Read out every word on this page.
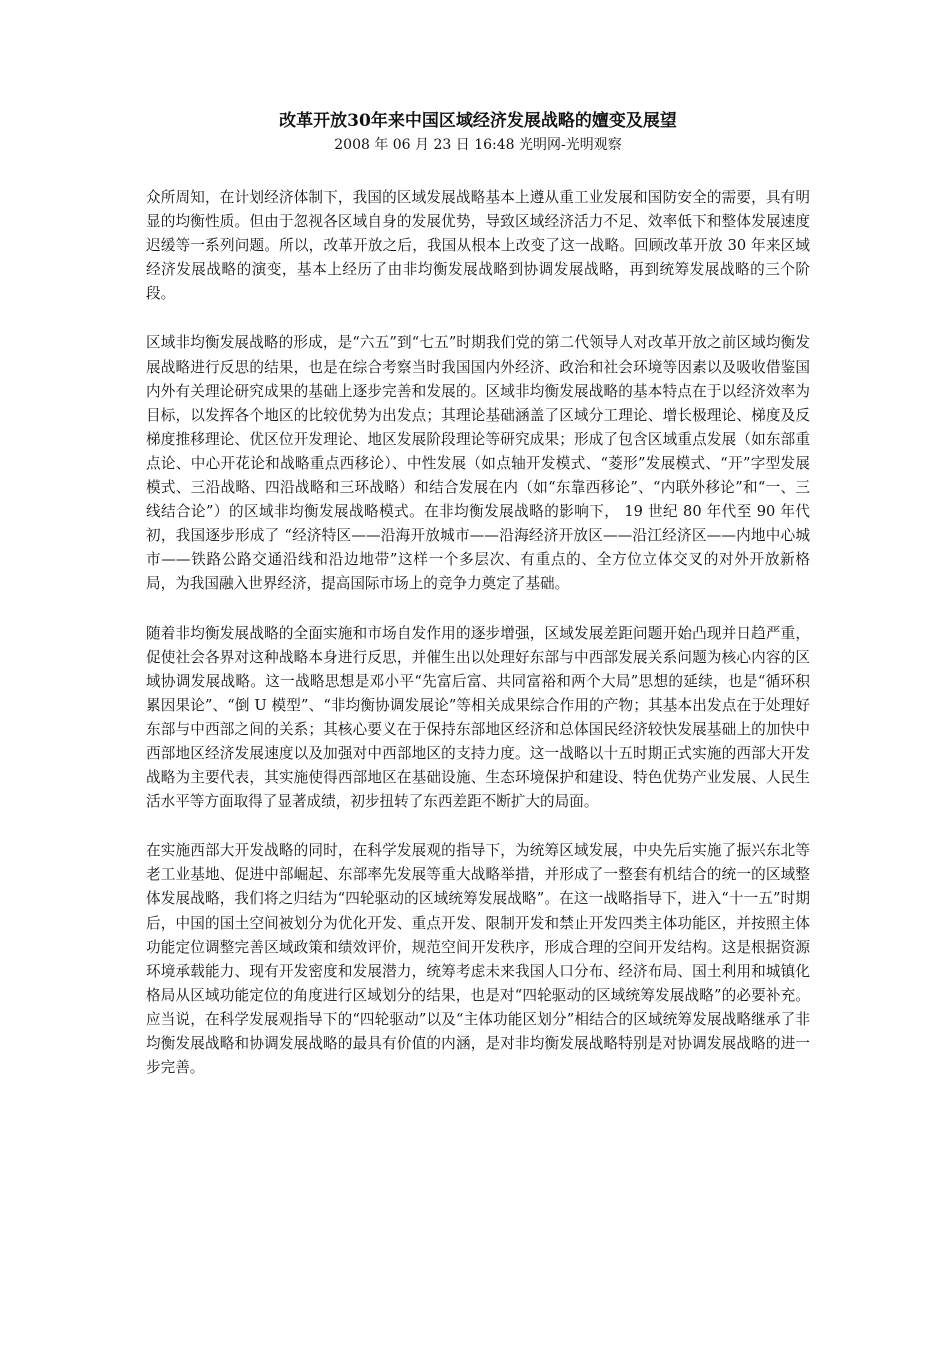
改革开放30年来中国区域经济发展战略的嬗变及展望

2008 年 06 月 23 日 16:48 光明网-光明观察

众所周知，在计划经济体制下，我国的区域发展战略基本上遵从重工业发展和国防安全的需要，具有明显的均衡性质。但由于忽视各区域自身的发展优势，导致区域经济活力不足、效率低下和整体发展速度迟缓等一系列问题。所以，改革开放之后，我国从根本上改变了这一战略。回顾改革开放 30 年来区域经济发展战略的演变，基本上经历了由非均衡发展战略到协调发展战略，再到统筹发展战略的三个阶段。

区域非均衡发展战略的形成，是“六五”到“七五”时期我们党的第二代领导人对改革开放之前区域均衡发展战略进行反思的结果，也是在综合考察当时我国国内外经济、政治和社会环境等因素以及吸收借鉴国内外有关理论研究成果的基础上逐步完善和发展的。区域非均衡发展战略的基本特点在于以经济效率为目标，以发挥各个地区的比较优势为出发点；其理论基础涵盖了区域分工理论、增长极理论、梯度及反梯度推移理论、优区位开发理论、地区发展阶段理论等研究成果；形成了包含区域重点发展（如东部重点论、中心开花论和战略重点西移论）、中性发展（如点轴开发模式、“菱形”发展模式、“开”字型发展模式、三沿战略、四沿战略和三环战略）和结合发展在内（如“东靠西移论”、“内联外移论”和“一、三线结合论”）的区域非均衡发展战略模式。在非均衡发展战略的影响下， 19 世纪 80 年代至 90 年代初，我国逐步形成了 “经济特区——沿海开放城市——沿海经济开放区——沿江经济区——内地中心城市——铁路公路交通沿线和沿边地带”这样一个多层次、有重点的、全方位立体交叉的对外开放新格局，为我国融入世界经济，提高国际市场上的竞争力奠定了基础。

随着非均衡发展战略的全面实施和市场自发作用的逐步增强，区域发展差距问题开始凸现并日趋严重，促使社会各界对这种战略本身进行反思，并催生出以处理好东部与中西部发展关系问题为核心内容的区域协调发展战略。这一战略思想是邓小平“先富后富、共同富裕和两个大局”思想的延续，也是“循环积累因果论”、“倒 U 模型”、“非均衡协调发展论”等相关成果综合作用的产物；其基本出发点在于处理好东部与中西部之间的关系；其核心要义在于保持东部地区经济和总体国民经济较快发展基础上的加快中西部地区经济发展速度以及加强对中西部地区的支持力度。这一战略以十五时期正式实施的西部大开发战略为主要代表，其实施使得西部地区在基础设施、生态环境保护和建设、特色优势产业发展、人民生活水平等方面取得了显著成绩，初步扭转了东西差距不断扩大的局面。

在实施西部大开发战略的同时，在科学发展观的指导下，为统筹区域发展，中央先后实施了振兴东北等老工业基地、促进中部崛起、东部率先发展等重大战略举措，并形成了一整套有机结合的统一的区域整体发展战略，我们将之归结为“四轮驱动的区域统筹发展战略”。在这一战略指导下，进入“十一五”时期后，中国的国土空间被划分为优化开发、重点开发、限制开发和禁止开发四类主体功能区，并按照主体功能定位调整完善区域政策和绩效评价，规范空间开发秩序，形成合理的空间开发结构。这是根据资源环境承载能力、现有开发密度和发展潜力，统筹考虑未来我国人口分布、经济布局、国土利用和城镇化格局从区域功能定位的角度进行区域划分的结果，也是对“四轮驱动的区域统筹发展战略”的必要补充。应当说，在科学发展观指导下的“四轮驱动”以及“主体功能区划分”相结合的区域统筹发展战略继承了非均衡发展战略和协调发展战略的最具有价值的内涵，是对非均衡发展战略特别是对协调发展战略的进一步完善。
